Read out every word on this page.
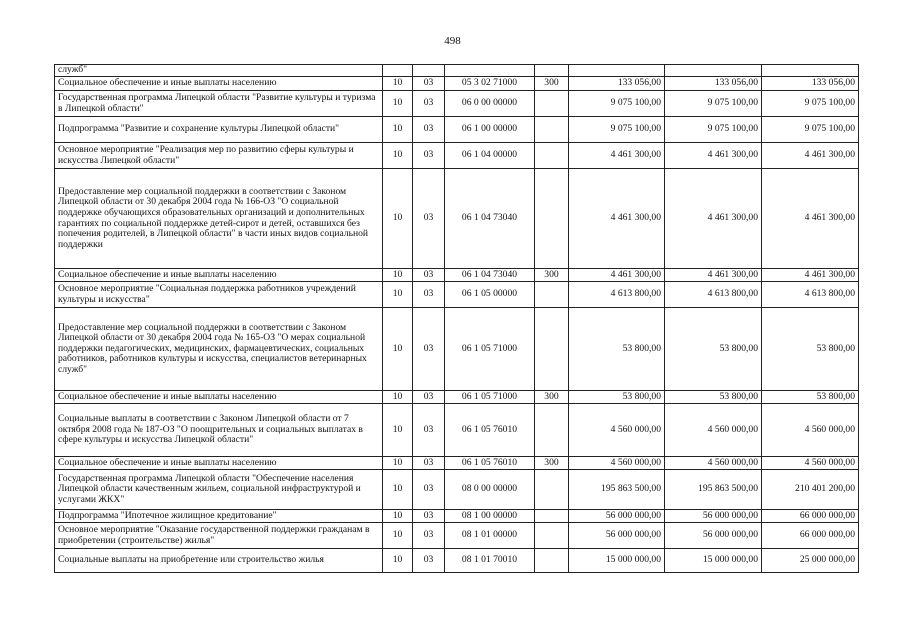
498
служб"							
Социальное обеспечение и иные выплаты населению	10	03	05 3 02 71000	300	133 056,00	133 056,00	133 056,00
Государственная программа Липецкой области "Развитие культуры и туризма в Липецкой области"	10	03	06 0 00 00000		9 075 100,00	9 075 100,00	9 075 100,00
Подпрограмма "Развитие и сохранение культуры Липецкой области"	10	03	06 1 00 00000		9 075 100,00	9 075 100,00	9 075 100,00
Основное мероприятие "Реализация мер по развитию сферы культуры и искусства Липецкой области"	10	03	06 1 04 00000		4 461 300,00	4 461 300,00	4 461 300,00
Предоставление мер социальной поддержки в соответствии с Законом Липецкой области от 30 декабря 2004 года № 166-ОЗ "О социальной поддержке обучающихся образовательных организаций и дополнительных гарантиях по социальной поддержке детей-сирот и детей, оставшихся без попечения родителей, в Липецкой области" в части иных видов социальной поддержки	10	03	06 1 04 73040		4 461 300,00	4 461 300,00	4 461 300,00
Социальное обеспечение и иные выплаты населению	10	03	06 1 04 73040	300	4 461 300,00	4 461 300,00	4 461 300,00
Основное мероприятие "Социальная поддержка работников учреждений культуры и искусства"	10	03	06 1 05 00000		4 613 800,00	4 613 800,00	4 613 800,00
Предоставление мер социальной поддержки в соответствии с Законом Липецкой области от 30 декабря 2004 года № 165-ОЗ "О мерах социальной поддержки педагогических, медицинских, фармацевтических, социальных работников, работников культуры и искусства, специалистов ветеринарных служб"	10	03	06 1 05 71000		53 800,00	53 800,00	53 800,00
Социальное обеспечение и иные выплаты населению	10	03	06 1 05 71000	300	53 800,00	53 800,00	53 800,00
Социальные выплаты в соответствии с Законом Липецкой области от 7 октября 2008 года № 187-ОЗ "О поощрительных и социальных выплатах в сфере культуры и искусства Липецкой области"	10	03	06 1 05 76010		4 560 000,00	4 560 000,00	4 560 000,00
Социальное обеспечение и иные выплаты населению	10	03	06 1 05 76010	300	4 560 000,00	4 560 000,00	4 560 000,00
Государственная программа Липецкой области "Обеспечение населения Липецкой области качественным жильем, социальной инфраструктурой и услугами ЖКХ"	10	03	08 0 00 00000		195 863 500,00	195 863 500,00	210 401 200,00
Подпрограмма "Ипотечное жилищное кредитование"	10	03	08 1 00 00000		56 000 000,00	56 000 000,00	66 000 000,00
Основное мероприятие "Оказание государственной поддержки гражданам в приобретении (строительстве) жилья"	10	03	08 1 01 00000		56 000 000,00	56 000 000,00	66 000 000,00
Социальные выплаты на приобретение или строительство жилья	10	03	08 1 01 70010		15 000 000,00	15 000 000,00	25 000 000,00
